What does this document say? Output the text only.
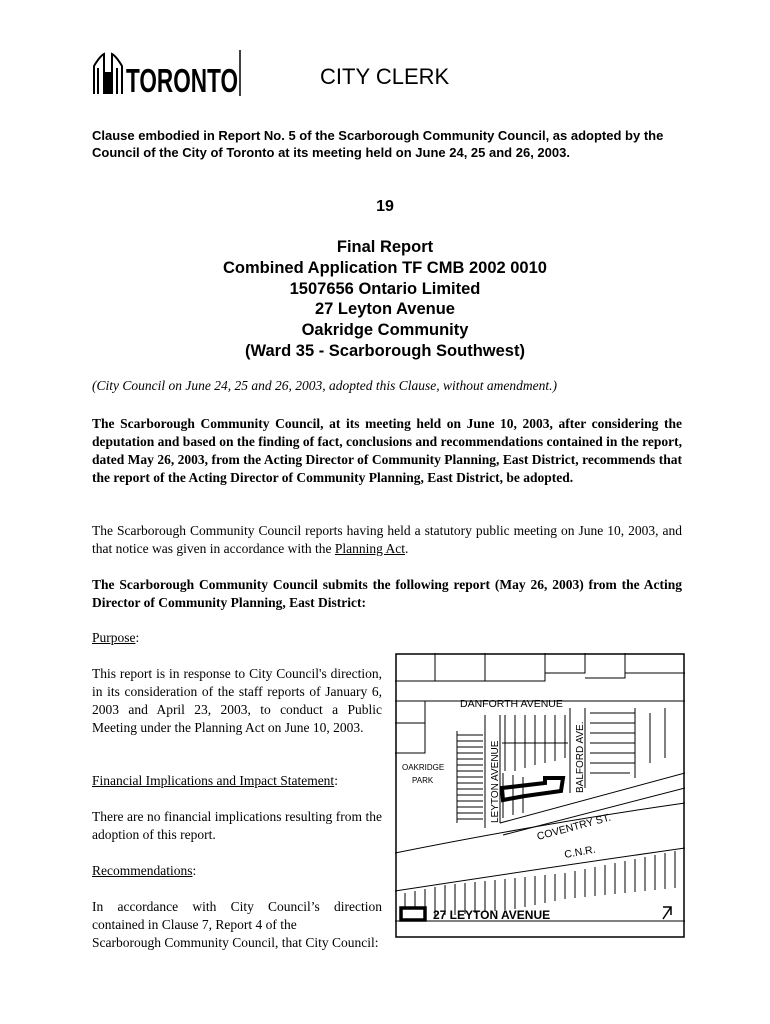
TORONTO	CITY CLERK
Clause embodied in Report No. 5 of the Scarborough Community Council, as adopted by the Council of the City of Toronto at its meeting held on June 24, 25 and 26, 2003.
19
Final Report
Combined Application TF CMB 2002 0010
1507656 Ontario Limited
27 Leyton Avenue
Oakridge Community
(Ward 35 - Scarborough Southwest)
(City Council on June 24, 25 and 26, 2003, adopted this Clause, without amendment.)
The Scarborough Community Council, at its meeting held on June 10, 2003, after considering the deputation and based on the finding of fact, conclusions and recommendations contained in the report, dated May 26, 2003, from the Acting Director of Community Planning, East District, recommends that the report of the Acting Director of Community Planning, East District, be adopted.
The Scarborough Community Council reports having held a statutory public meeting on June 10, 2003, and that notice was given in accordance with the Planning Act.
The Scarborough Community Council submits the following report (May 26, 2003) from the Acting Director of Community Planning, East District:
Purpose:
This report is in response to City Council's direction, in its consideration of the staff reports of January 6, 2003 and April 23, 2003, to conduct a Public Meeting under the Planning Act on June 10, 2003.
Financial Implications and Impact Statement:
There are no financial implications resulting from the adoption of this report.
Recommendations:
In accordance with City Council’s direction contained in Clause 7, Report 4 of the
Scarborough Community Council, that City Council:
DANFORTH AVENUE
LEYTON AVENUE	BALFORD AVE.
COVENTRY ST.
C.N.R.
OAKRIDGE
PARK
27 LEYTON AVENUE
